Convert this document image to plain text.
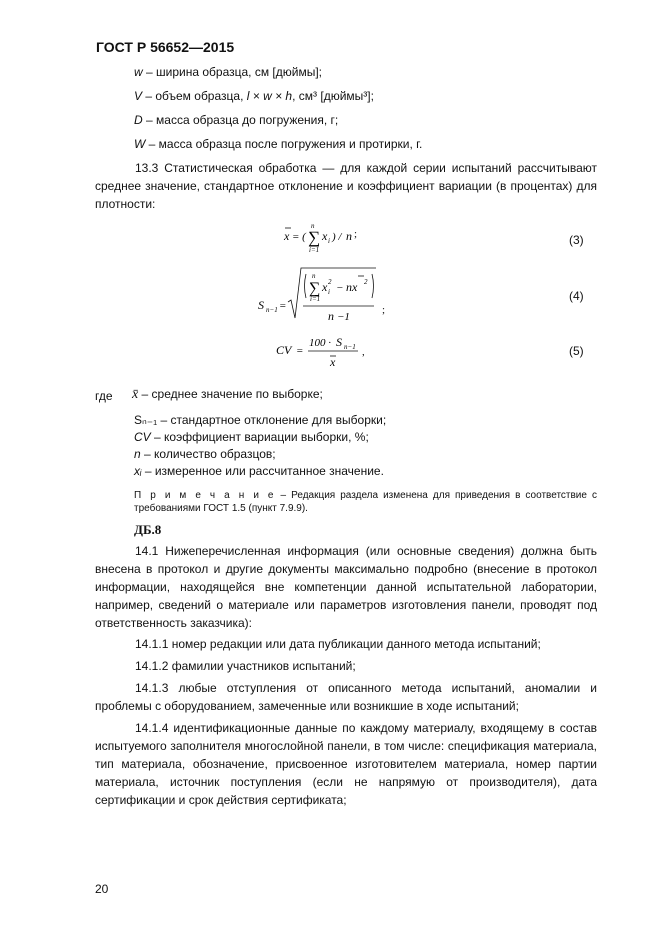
ГОСТ Р 56652—2015
w – ширина образца, см [дюймы];
V – объем образца, l × w × h, см³ [дюймы³];
D – масса образца до погружения, г;
W – масса образца после погружения и протирки, г.
13.3 Статистическая обработка — для каждой серии испытаний рассчитывают среднее значение, стандартное отклонение и коэффициент вариации (в процентах) для плотности:
x = ( ∑
n
i=1
x i ) / n ;	(3)
S n−1 =
∑
n
i=1
x i
2 − nx 2
n −1
;
(4)
CV =
100 · S n−1
x
,	(5)
где x̄ – среднее значение по выборке;
Sₙ₋₁ – стандартное отклонение для выборки;
CV – коэффициент вариации выборки, %;
n – количество образцов;
xᵢ – измеренное или рассчитанное значение.
П р и м е ч а н и е – Редакция раздела изменена для приведения в соответствие с требованиями ГОСТ 1.5 (пункт 7.9.9).
ДБ.8
14.1 Нижеперечисленная информация (или основные сведения) должна быть внесена в протокол и другие документы максимально подробно (внесение в протокол информации, находящейся вне компетенции данной испытательной лаборатории, например, сведений о материале или параметров изготовления панели, проводят под ответственность заказчика):
14.1.1 номер редакции или дата публикации данного метода испытаний;
14.1.2 фамилии участников испытаний;
14.1.3 любые отступления от описанного метода испытаний, аномалии и проблемы с оборудованием, замеченные или возникшие в ходе испытаний;
14.1.4 идентификационные данные по каждому материалу, входящему в состав испытуемого заполнителя многослойной панели, в том числе: спецификация материала, тип материала, обозначение, присвоенное изготовителем материала, номер партии материала, источник поступления (если не напрямую от производителя), дата сертификации и срок действия сертификата;
20
